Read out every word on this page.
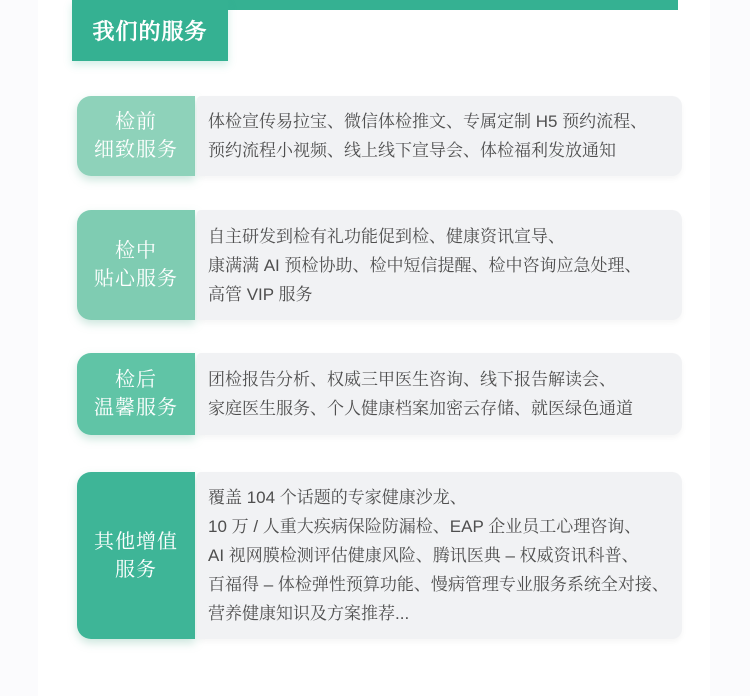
我们的服务
检前
细致服务
体检宣传易拉宝、微信体检推文、专属定制 H5 预约流程、
预约流程小视频、线上线下宣导会、体检福利发放通知
检中
贴心服务
自主研发到检有礼功能促到检、健康资讯宣导、
康满满 AI 预检协助、检中短信提醒、检中咨询应急处理、
高管 VIP 服务
检后
温馨服务
团检报告分析、权威三甲医生咨询、线下报告解读会、
家庭医生服务、个人健康档案加密云存储、就医绿色通道
其他增值
服务
覆盖 104 个话题的专家健康沙龙、
10 万 / 人重大疾病保险防漏检、EAP 企业员工心理咨询、
AI 视网膜检测评估健康风险、腾讯医典 – 权威资讯科普、
百福得 – 体检弹性预算功能、慢病管理专业服务系统全对接、
营养健康知识及方案推荐...
